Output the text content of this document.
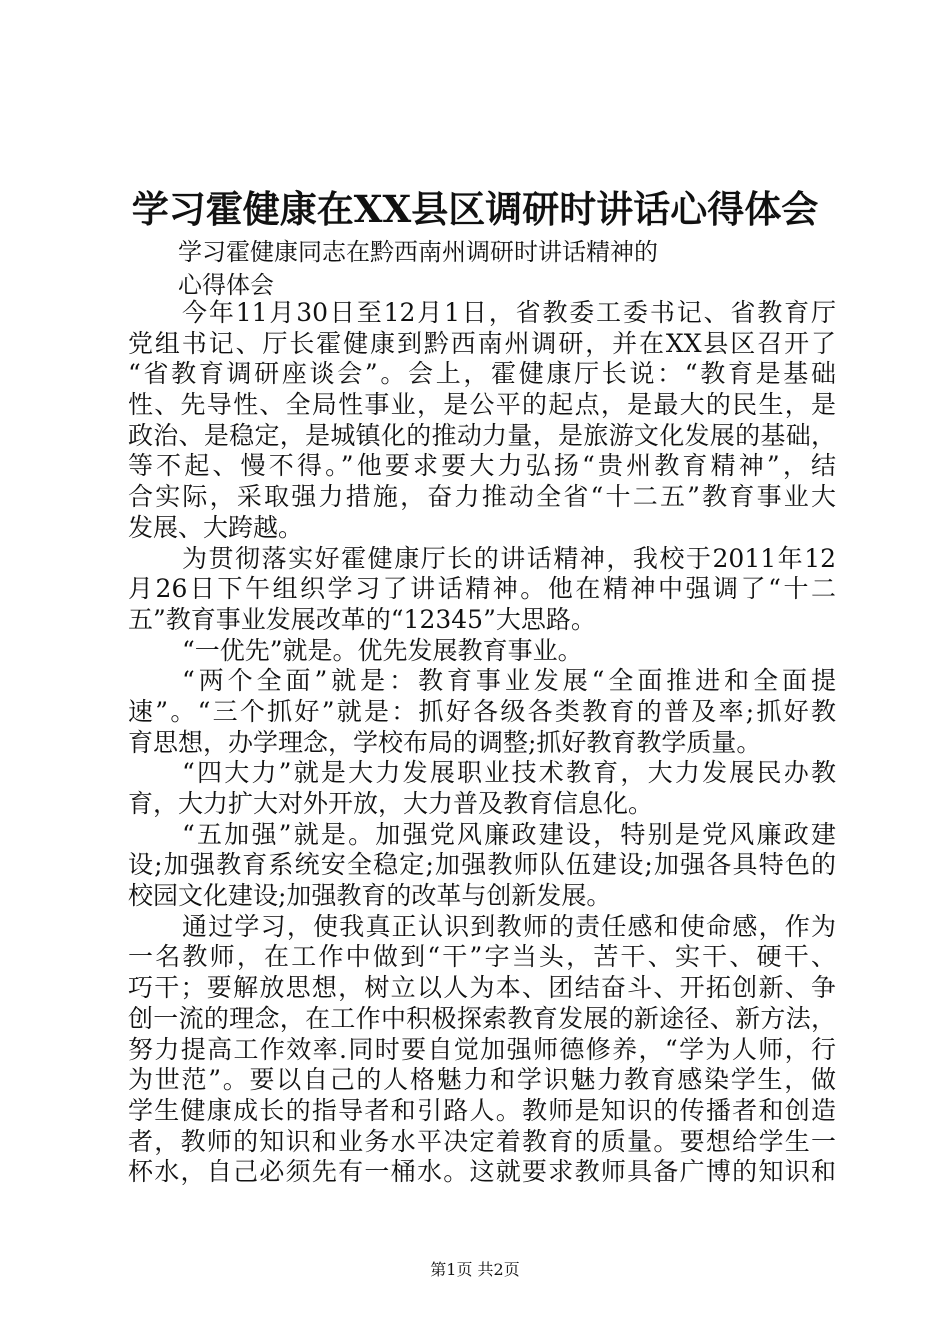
学习霍健康在XX县区调研时讲话心得体会
学习霍健康同志在黔西南州调研时讲话精神的
心得体会
今年11月30日至12月1日，省教委工委书记、省教育厅
党组书记、厅长霍健康到黔西南州调研，并在XX县区召开了
“省教育调研座谈会”。会上，霍健康厅长说：“教育是基础
性、先导性、全局性事业，是公平的起点，是最大的民生，是
政治、是稳定，是城镇化的推动力量，是旅游文化发展的基础，
等不起、慢不得。”他要求要大力弘扬“贵州教育精神”，结
合实际，采取强力措施，奋力推动全省“十二五”教育事业大
发展、大跨越。
为贯彻落实好霍健康厅长的讲话精神，我校于2011年12
月26日下午组织学习了讲话精神。他在精神中强调了“十二
五”教育事业发展改革的“12345”大思路。
“一优先”就是。优先发展教育事业。
“两个全面”就是：教育事业发展“全面推进和全面提
速”。“三个抓好”就是：抓好各级各类教育的普及率;抓好教
育思想，办学理念，学校布局的调整;抓好教育教学质量。
“四大力”就是大力发展职业技术教育，大力发展民办教
育，大力扩大对外开放，大力普及教育信息化。
“五加强”就是。加强党风廉政建设，特别是党风廉政建
设;加强教育系统安全稳定;加强教师队伍建设;加强各具特色的
校园文化建设;加强教育的改革与创新发展。
通过学习，使我真正认识到教师的责任感和使命感，作为
一名教师，在工作中做到“干”字当头，苦干、实干、硬干、
巧干；要解放思想，树立以人为本、团结奋斗、开拓创新、争
创一流的理念，在工作中积极探索教育发展的新途径、新方法，
努力提高工作效率.同时要自觉加强师德修养，“学为人师，行
为世范”。要以自己的人格魅力和学识魅力教育感染学生，做
学生健康成长的指导者和引路人。教师是知识的传播者和创造
者，教师的知识和业务水平决定着教育的质量。要想给学生一
杯水，自己必须先有一桶水。这就要求教师具备广博的知识和
第1页 共2页
